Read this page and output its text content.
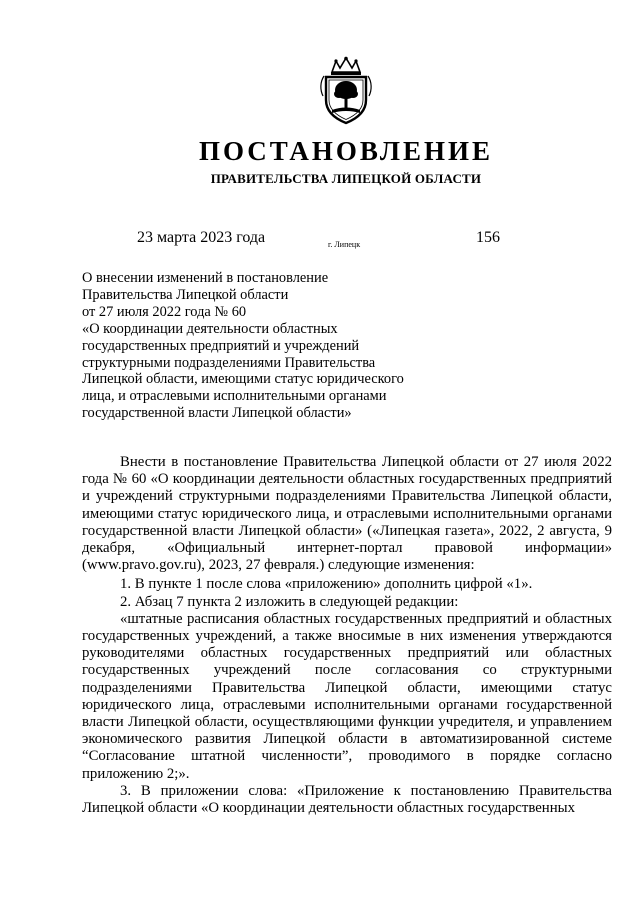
ПОСТАНОВЛЕНИЕ
ПРАВИТЕЛЬСТВА ЛИПЕЦКОЙ ОБЛАСТИ
23 марта 2023 года	г. Липецк	156
О внесении изменений в постановление
Правительства Липецкой области
от 27 июля 2022 года № 60
«О координации деятельности областных
государственных предприятий и учреждений
структурными подразделениями Правительства
Липецкой области, имеющими статус юридического
лица, и отраслевыми исполнительными органами
государственной власти Липецкой области»

Внести в постановление Правительства Липецкой области от 27 июля 2022 года № 60 «О координации деятельности областных государственных предприятий и учреждений структурными подразделениями Правительства Липецкой области, имеющими статус юридического лица, и отраслевыми исполнительными органами государственной власти Липецкой области» («Липецкая газета», 2022, 2 августа, 9 декабря, «Официальный интернет-портал правовой информации» (www.pravo.gov.ru), 2023, 27 февраля.) следующие изменения:

1. В пункте 1 после слова «приложению» дополнить цифрой «1».

2. Абзац 7 пункта 2 изложить в следующей редакции:

«штатные расписания областных государственных предприятий и областных государственных учреждений, а также вносимые в них изменения утверждаются руководителями областных государственных предприятий или областных государственных учреждений после согласования со структурными подразделениями Правительства Липецкой области, имеющими статус юридического лица, отраслевыми исполнительными органами государственной власти Липецкой области, осуществляющими функции учредителя, и управлением экономического развития Липецкой области в автоматизированной системе “Согласование штатной численности”, проводимого в порядке согласно приложению 2;».

3. В приложении слова: «Приложение к постановлению Правительства Липецкой области «О координации деятельности областных государственных
